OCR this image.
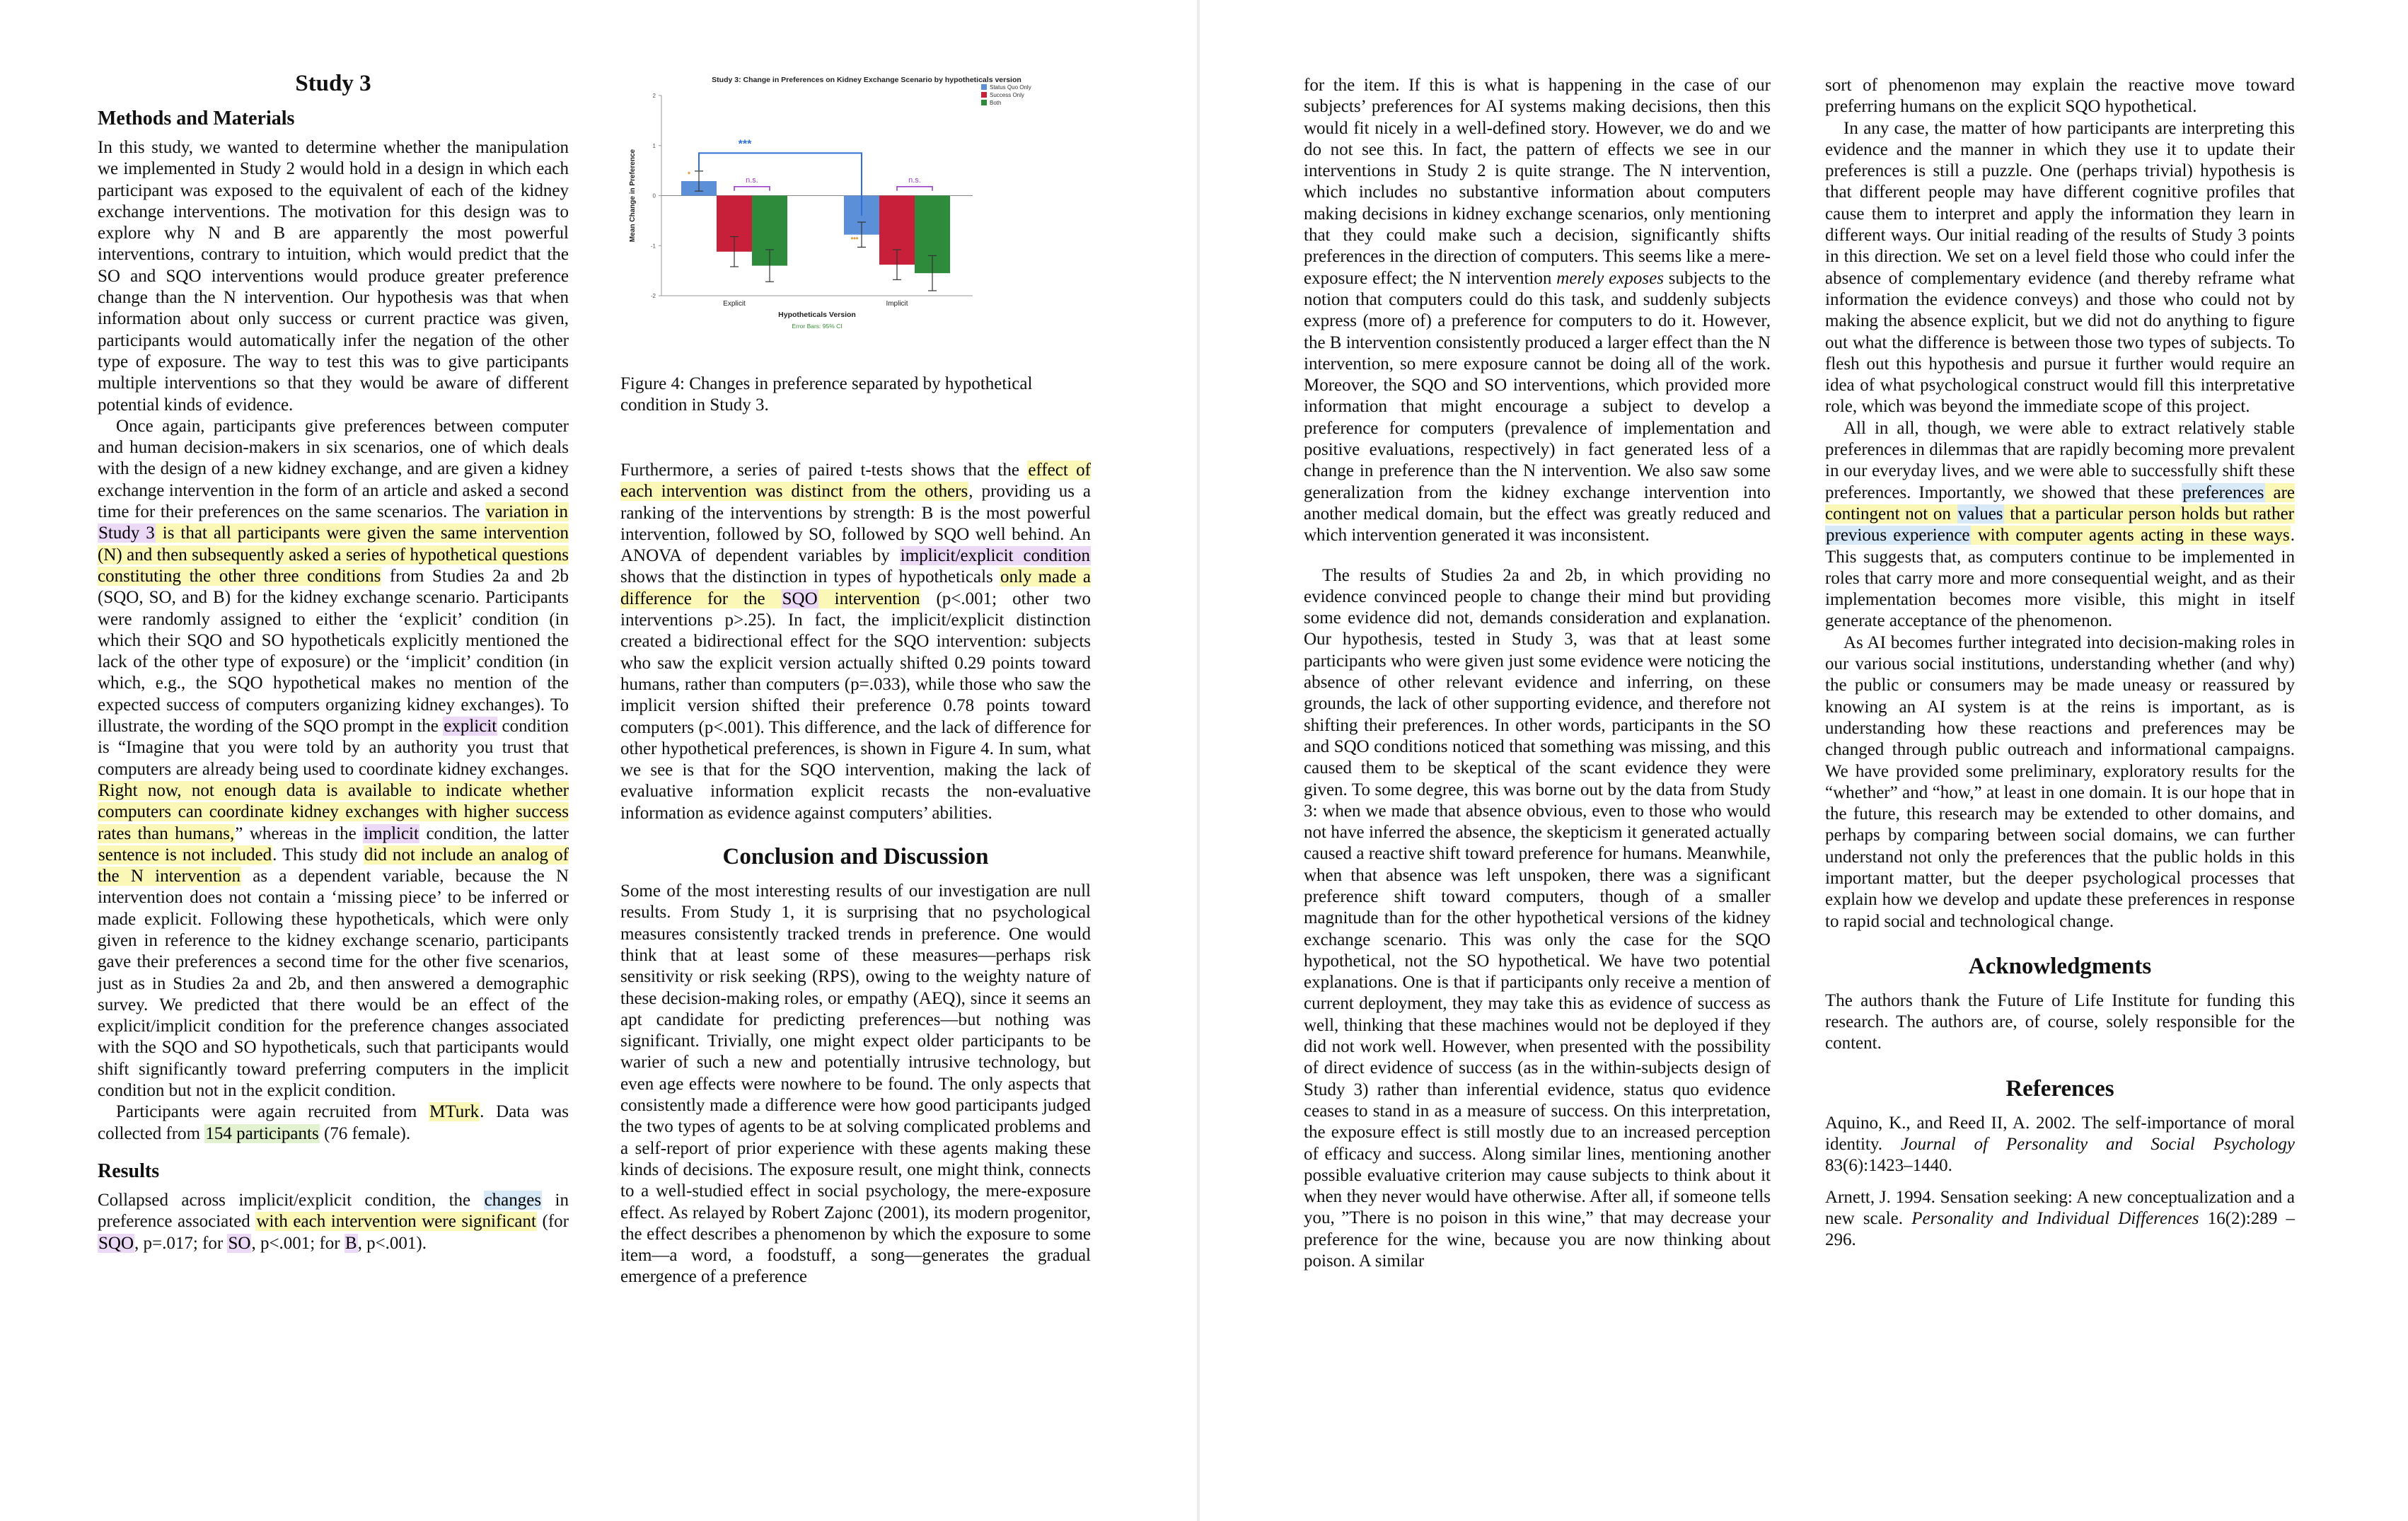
Study 3
Methods and Materials

In this study, we wanted to determine whether the manipulation we implemented in Study 2 would hold in a design in which each participant was exposed to the equivalent of each of the kidney exchange interventions. The motivation for this design was to explore why N and B are apparently the most powerful interventions, contrary to intuition, which would predict that the SO and SQO interventions would produce greater preference change than the N intervention. Our hypothesis was that when information about only success or current practice was given, participants would automatically infer the negation of the other type of exposure. The way to test this was to give participants multiple interventions so that they would be aware of different potential kinds of evidence.

Once again, participants give preferences between computer and human decision-makers in six scenarios, one of which deals with the design of a new kidney exchange, and are given a kidney exchange intervention in the form of an article and asked a second time for their preferences on the same scenarios. The variation in Study 3 is that all participants were given the same intervention (N) and then subsequently asked a series of hypothetical questions constituting the other three conditions from Studies 2a and 2b (SQO, SO, and B) for the kidney exchange scenario. Participants were randomly assigned to either the ‘explicit’ condition (in which their SQO and SO hypotheticals explicitly mentioned the lack of the other type of exposure) or the ‘implicit’ condition (in which, e.g., the SQO hypothetical makes no mention of the expected success of computers organizing kidney exchanges). To illustrate, the wording of the SQO prompt in the explicit condition is “Imagine that you were told by an authority you trust that computers are already being used to coordinate kidney exchanges. Right now, not enough data is available to indicate whether computers can coordinate kidney exchanges with higher success rates than humans,” whereas in the implicit condition, the latter sentence is not included. This study did not include an analog of the N intervention as a dependent variable, because the N intervention does not contain a ‘missing piece’ to be inferred or made explicit. Following these hypotheticals, which were only given in reference to the kidney exchange scenario, participants gave their preferences a second time for the other five scenarios, just as in Studies 2a and 2b, and then answered a demographic survey. We predicted that there would be an effect of the explicit/implicit condition for the preference changes associated with the SQO and SO hypotheticals, such that participants would shift significantly toward preferring computers in the implicit condition but not in the explicit condition.

Participants were again recruited from MTurk. Data was collected from 154 participants (76 female).

Results

Collapsed across implicit/explicit condition, the changes in preference associated with each intervention were significant (for SQO, p=.017; for SO, p<.001; for B, p<.001).

Study 3: Change in Preferences on Kidney Exchange Scenario by hypotheticals version
2
1
0
-1
-2
Mean Change in Preference
Explicit	Implicit
Hypotheticals Version
Error Bars: 95% CI
***
n.s.	n.s.
*
***
Status Quo Only
Success Only
Both
Figure 4: Changes in preference separated by hypothetical condition in Study 3.

Furthermore, a series of paired t-tests shows that the effect of each intervention was distinct from the others, providing us a ranking of the interventions by strength: B is the most powerful intervention, followed by SO, followed by SQO well behind. An ANOVA of dependent variables by implicit/explicit condition shows that the distinction in types of hypotheticals only made a difference for the SQO intervention (p<.001; other two interventions p>.25). In fact, the implicit/explicit distinction created a bidirectional effect for the SQO intervention: subjects who saw the explicit version actually shifted 0.29 points toward humans, rather than computers (p=.033), while those who saw the implicit version shifted their preference 0.78 points toward computers (p<.001). This difference, and the lack of difference for other hypothetical preferences, is shown in Figure 4. In sum, what we see is that for the SQO intervention, making the lack of evaluative information explicit recasts the non-evaluative information as evidence against computers’ abilities.

Conclusion and Discussion

Some of the most interesting results of our investigation are null results. From Study 1, it is surprising that no psychological measures consistently tracked trends in preference. One would think that at least some of these measures—perhaps risk sensitivity or risk seeking (RPS), owing to the weighty nature of these decision-making roles, or empathy (AEQ), since it seems an apt candidate for predicting preferences—but nothing was significant. Trivially, one might expect older participants to be warier of such a new and potentially intrusive technology, but even age effects were nowhere to be found. The only aspects that consistently made a difference were how good participants judged the two types of agents to be at solving complicated problems and a self-report of prior experience with these agents making these kinds of decisions. The exposure result, one might think, connects to a well-studied effect in social psychology, the mere-exposure effect. As relayed by Robert Zajonc (2001), its modern progenitor, the effect describes a phenomenon by which the exposure to some item—a word, a foodstuff, a song—generates the gradual emergence of a preference

for the item. If this is what is happening in the case of our subjects’ preferences for AI systems making decisions, then this would fit nicely in a well-defined story. However, we do and we do not see this. In fact, the pattern of effects we see in our interventions in Study 2 is quite strange. The N intervention, which includes no substantive information about computers making decisions in kidney exchange scenarios, only mentioning that they could make such a decision, significantly shifts preferences in the direction of computers. This seems like a mere-exposure effect; the N intervention merely exposes subjects to the notion that computers could do this task, and suddenly subjects express (more of) a preference for computers to do it. However, the B intervention consistently produced a larger effect than the N intervention, so mere exposure cannot be doing all of the work. Moreover, the SQO and SO interventions, which provided more information that might encourage a subject to develop a preference for computers (prevalence of implementation and positive evaluations, respectively) in fact generated less of a change in preference than the N intervention. We also saw some generalization from the kidney exchange intervention into another medical domain, but the effect was greatly reduced and which intervention generated it was inconsistent.

The results of Studies 2a and 2b, in which providing no evidence convinced people to change their mind but providing some evidence did not, demands consideration and explanation. Our hypothesis, tested in Study 3, was that at least some participants who were given just some evidence were noticing the absence of other relevant evidence and inferring, on these grounds, the lack of other supporting evidence, and therefore not shifting their preferences. In other words, participants in the SO and SQO conditions noticed that something was missing, and this caused them to be skeptical of the scant evidence they were given. To some degree, this was borne out by the data from Study 3: when we made that absence obvious, even to those who would not have inferred the absence, the skepticism it generated actually caused a reactive shift toward preference for humans. Meanwhile, when that absence was left unspoken, there was a significant preference shift toward computers, though of a smaller magnitude than for the other hypothetical versions of the kidney exchange scenario. This was only the case for the SQO hypothetical, not the SO hypothetical. We have two potential explanations. One is that if participants only receive a mention of current deployment, they may take this as evidence of success as well, thinking that these machines would not be deployed if they did not work well. However, when presented with the possibility of direct evidence of success (as in the within-subjects design of Study 3) rather than inferential evidence, status quo evidence ceases to stand in as a measure of success. On this interpretation, the exposure effect is still mostly due to an increased perception of efficacy and success. Along similar lines, mentioning another possible evaluative criterion may cause subjects to think about it when they never would have otherwise. After all, if someone tells you, ”There is no poison in this wine,” that may decrease your preference for the wine, because you are now thinking about poison. A similar

sort of phenomenon may explain the reactive move toward preferring humans on the explicit SQO hypothetical.

In any case, the matter of how participants are interpreting this evidence and the manner in which they use it to update their preferences is still a puzzle. One (perhaps trivial) hypothesis is that different people may have different cognitive profiles that cause them to interpret and apply the information they learn in different ways. Our initial reading of the results of Study 3 points in this direction. We set on a level field those who could infer the absence of complementary evidence (and thereby reframe what information the evidence conveys) and those who could not by making the absence explicit, but we did not do anything to figure out what the difference is between those two types of subjects. To flesh out this hypothesis and pursue it further would require an idea of what psychological construct would fill this interpretative role, which was beyond the immediate scope of this project.

All in all, though, we were able to extract relatively stable preferences in dilemmas that are rapidly becoming more prevalent in our everyday lives, and we were able to successfully shift these preferences. Importantly, we showed that these preferences are contingent not on values that a particular person holds but rather previous experience with computer agents acting in these ways. This suggests that, as computers continue to be implemented in roles that carry more and more consequential weight, and as their implementation becomes more visible, this might in itself generate acceptance of the phenomenon.

As AI becomes further integrated into decision-making roles in our various social institutions, understanding whether (and why) the public or consumers may be made uneasy or reassured by knowing an AI system is at the reins is important, as is understanding how these reactions and preferences may be changed through public outreach and informational campaigns. We have provided some preliminary, exploratory results for the “whether” and “how,” at least in one domain. It is our hope that in the future, this research may be extended to other domains, and perhaps by comparing between social domains, we can further understand not only the preferences that the public holds in this important matter, but the deeper psychological processes that explain how we develop and update these preferences in response to rapid social and technological change.

Acknowledgments

The authors thank the Future of Life Institute for funding this research. The authors are, of course, solely responsible for the content.

References

Aquino, K., and Reed II, A. 2002. The self-importance of moral identity. Journal of Personality and Social Psychology 83(6):1423–1440.

Arnett, J. 1994. Sensation seeking: A new conceptualization and a new scale. Personality and Individual Differences 16(2):289 – 296.
